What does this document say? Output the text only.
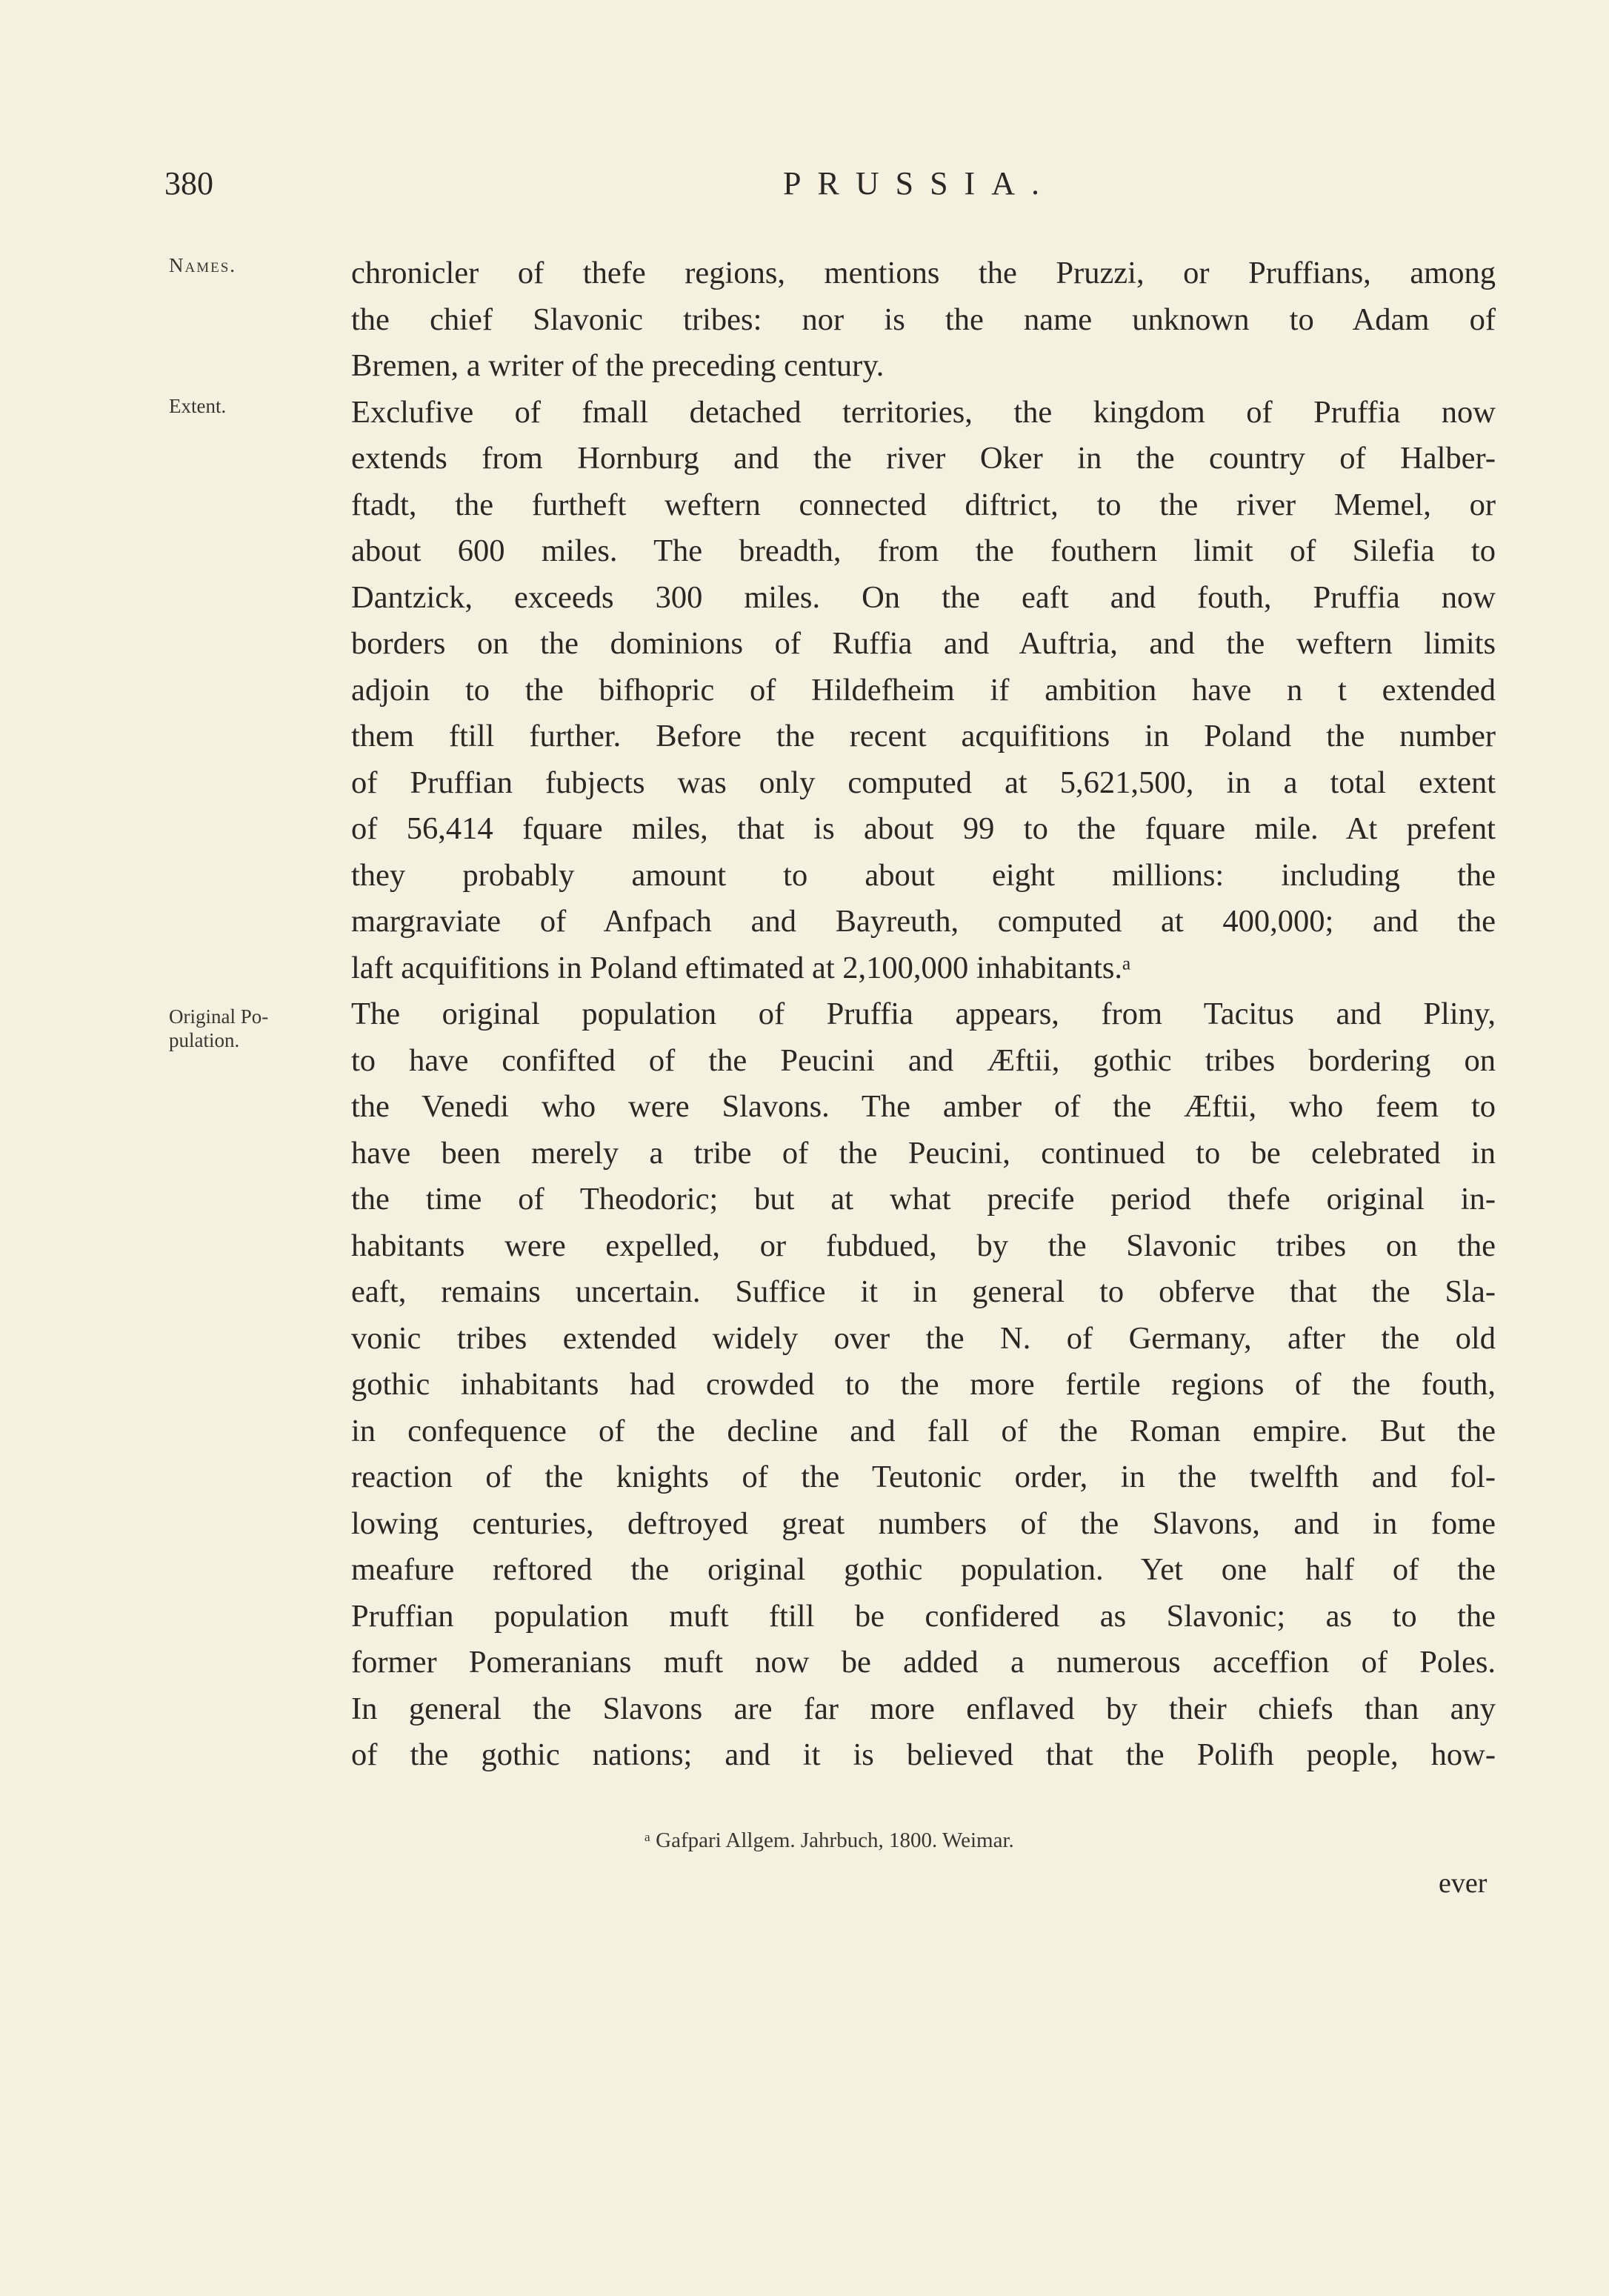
380	PRUSSIA.
Names.
Extent.
Original Po-
pulation.
chronicler of thefe regions, mentions the Pruzzi, or Pruffians, among
the chief Slavonic tribes: nor is the name unknown to Adam of
Bremen, a writer of the preceding century.
Exclufive of fmall detached territories, the kingdom of Pruffia now
extends from Hornburg and the river Oker in the country of Halber-
ftadt, the furtheft weftern connected diftrict, to the river Memel, or
about 600 miles. The breadth, from the fouthern limit of Silefia to
Dantzick, exceeds 300 miles. On the eaft and fouth, Pruffia now
borders on the dominions of Ruffia and Auftria, and the weftern limits
adjoin to the bifhopric of Hildefheim if ambition have n t extended
them ftill further. Before the recent acquifitions in Poland the number
of Pruffian fubjects was only computed at 5,621,500, in a total extent
of 56,414 fquare miles, that is about 99 to the fquare mile. At prefent
they probably amount to about eight millions: including the
margraviate of Anfpach and Bayreuth, computed at 400,000; and the
laft acquifitions in Poland eftimated at 2,100,000 inhabitants.ᵃ
The original population of Pruffia appears, from Tacitus and Pliny,
to have confifted of the Peucini and Æftii, gothic tribes bordering on
the Venedi who were Slavons. The amber of the Æftii, who feem to
have been merely a tribe of the Peucini, continued to be celebrated in
the time of Theodoric; but at what precife period thefe original in-
habitants were expelled, or fubdued, by the Slavonic tribes on the
eaft, remains uncertain. Suffice it in general to obferve that the Sla-
vonic tribes extended widely over the N. of Germany, after the old
gothic inhabitants had crowded to the more fertile regions of the fouth,
in confequence of the decline and fall of the Roman empire. But the
reaction of the knights of the Teutonic order, in the twelfth and fol-
lowing centuries, deftroyed great numbers of the Slavons, and in fome
meafure reftored the original gothic population. Yet one half of the
Pruffian population muft ftill be confidered as Slavonic; as to the
former Pomeranians muft now be added a numerous acceffion of Poles.
In general the Slavons are far more enflaved by their chiefs than any
of the gothic nations; and it is believed that the Polifh people, how-
ᵃ Gafpari Allgem. Jahrbuch, 1800. Weimar.
ever
